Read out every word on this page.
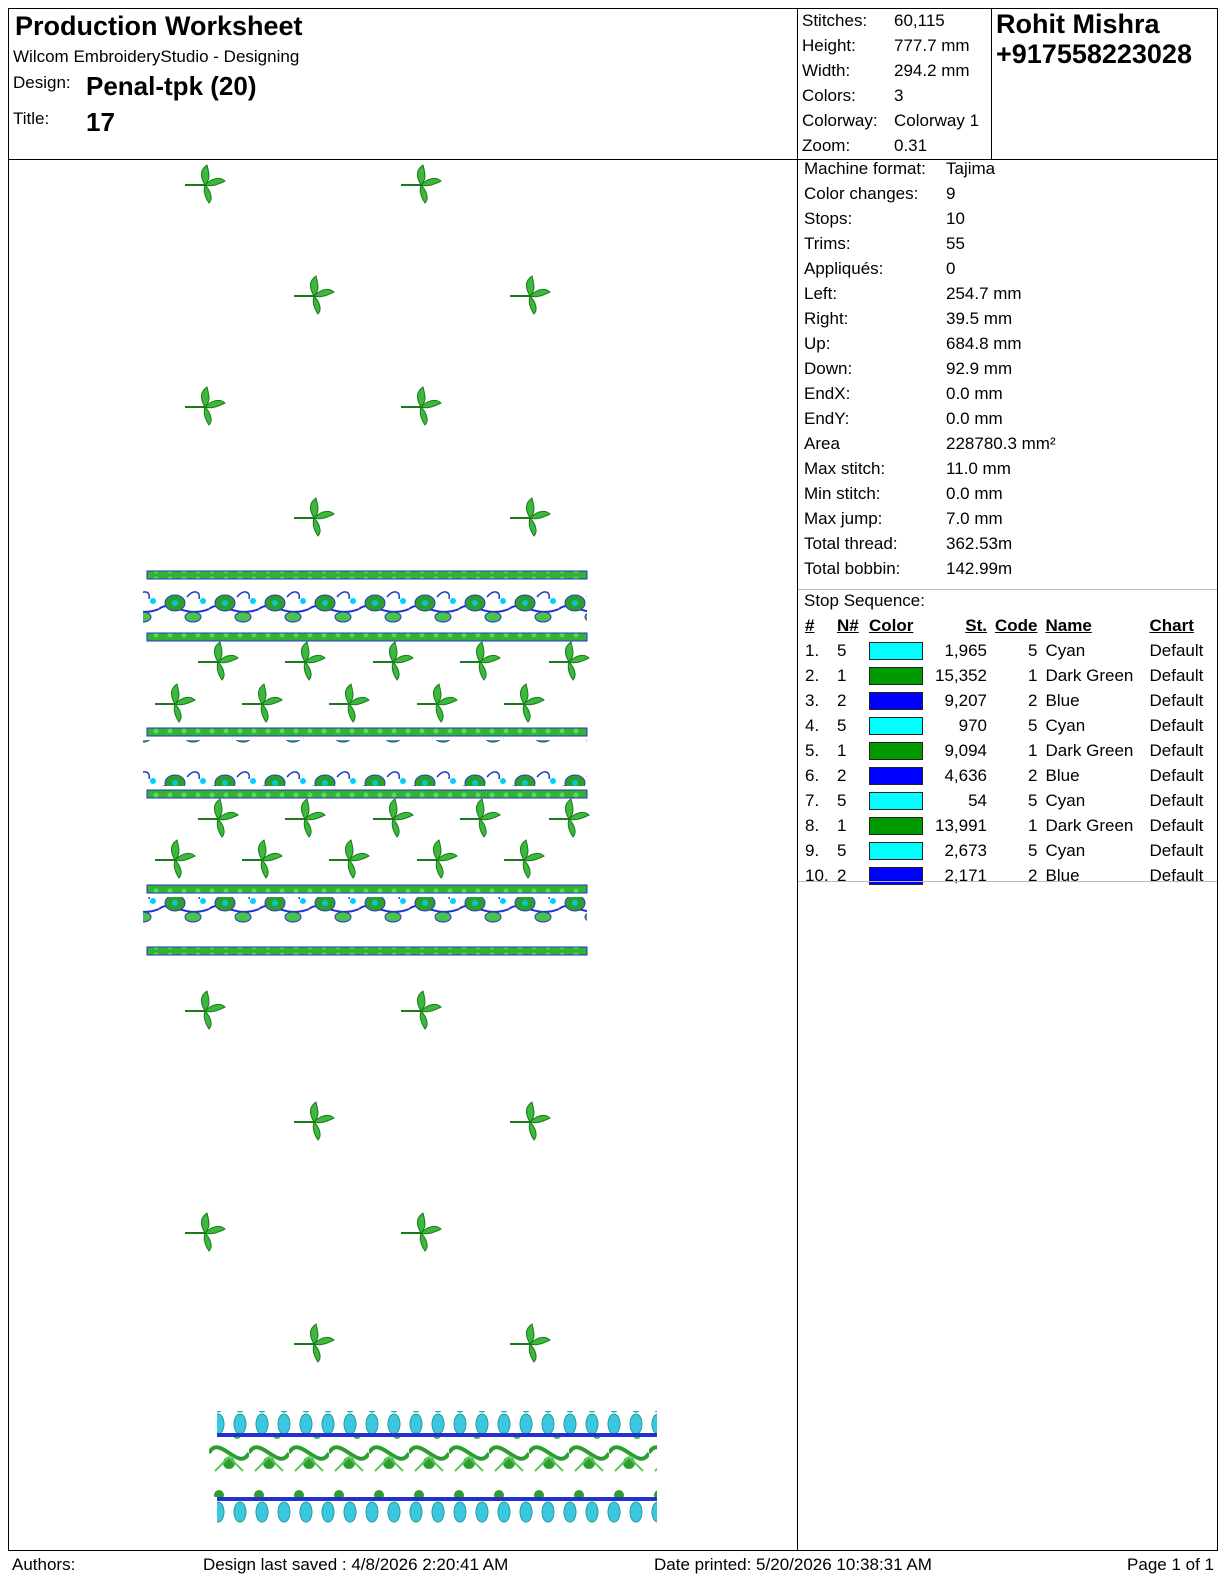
Production Worksheet
Wilcom EmbroideryStudio - Designing
Design: Penal-tpk (20)
Title: 17
Stitches: 60,115
Height: 777.7 mm
Width:	294.2 mm
Colors: 3
Colorway: Colorway 1
Zoom:	0.31
Rohit Mishra
+917558223028
Machine format: Tajima
Color changes: 9
Stops:	10
Trims:	55
Appliqués:	0
Left:	254.7 mm
Right:	39.5 mm
Up:	684.8 mm
Down:	92.9 mm
EndX:	0.0 mm
EndY:	0.0 mm
Area	228780.3 mm²
Max stitch:	11.0 mm
Min stitch:	0.0 mm
Max jump:	7.0 mm
Total thread:	362.53m
Total bobbin:	142.99m
Stop Sequence:
#	N#	Color	St.	Code	Name	Chart
1.	5		1,965	5	Cyan	Default
2.	1		15,352	1	Dark Green	Default
3.	2		9,207	2	Blue	Default
4.	5		970	5	Cyan	Default
5.	1		9,094	1	Dark Green	Default
6.	2		4,636	2	Blue	Default
7.	5		54	5	Cyan	Default
8.	1		13,991	1	Dark Green	Default
9.	5		2,673	5	Cyan	Default
10.	2		2,171	2	Blue	Default
Authors:	Design last saved : 4/8/2026 2:20:41 AM	Date printed: 5/20/2026 10:38:31 AM	Page 1 of 1
